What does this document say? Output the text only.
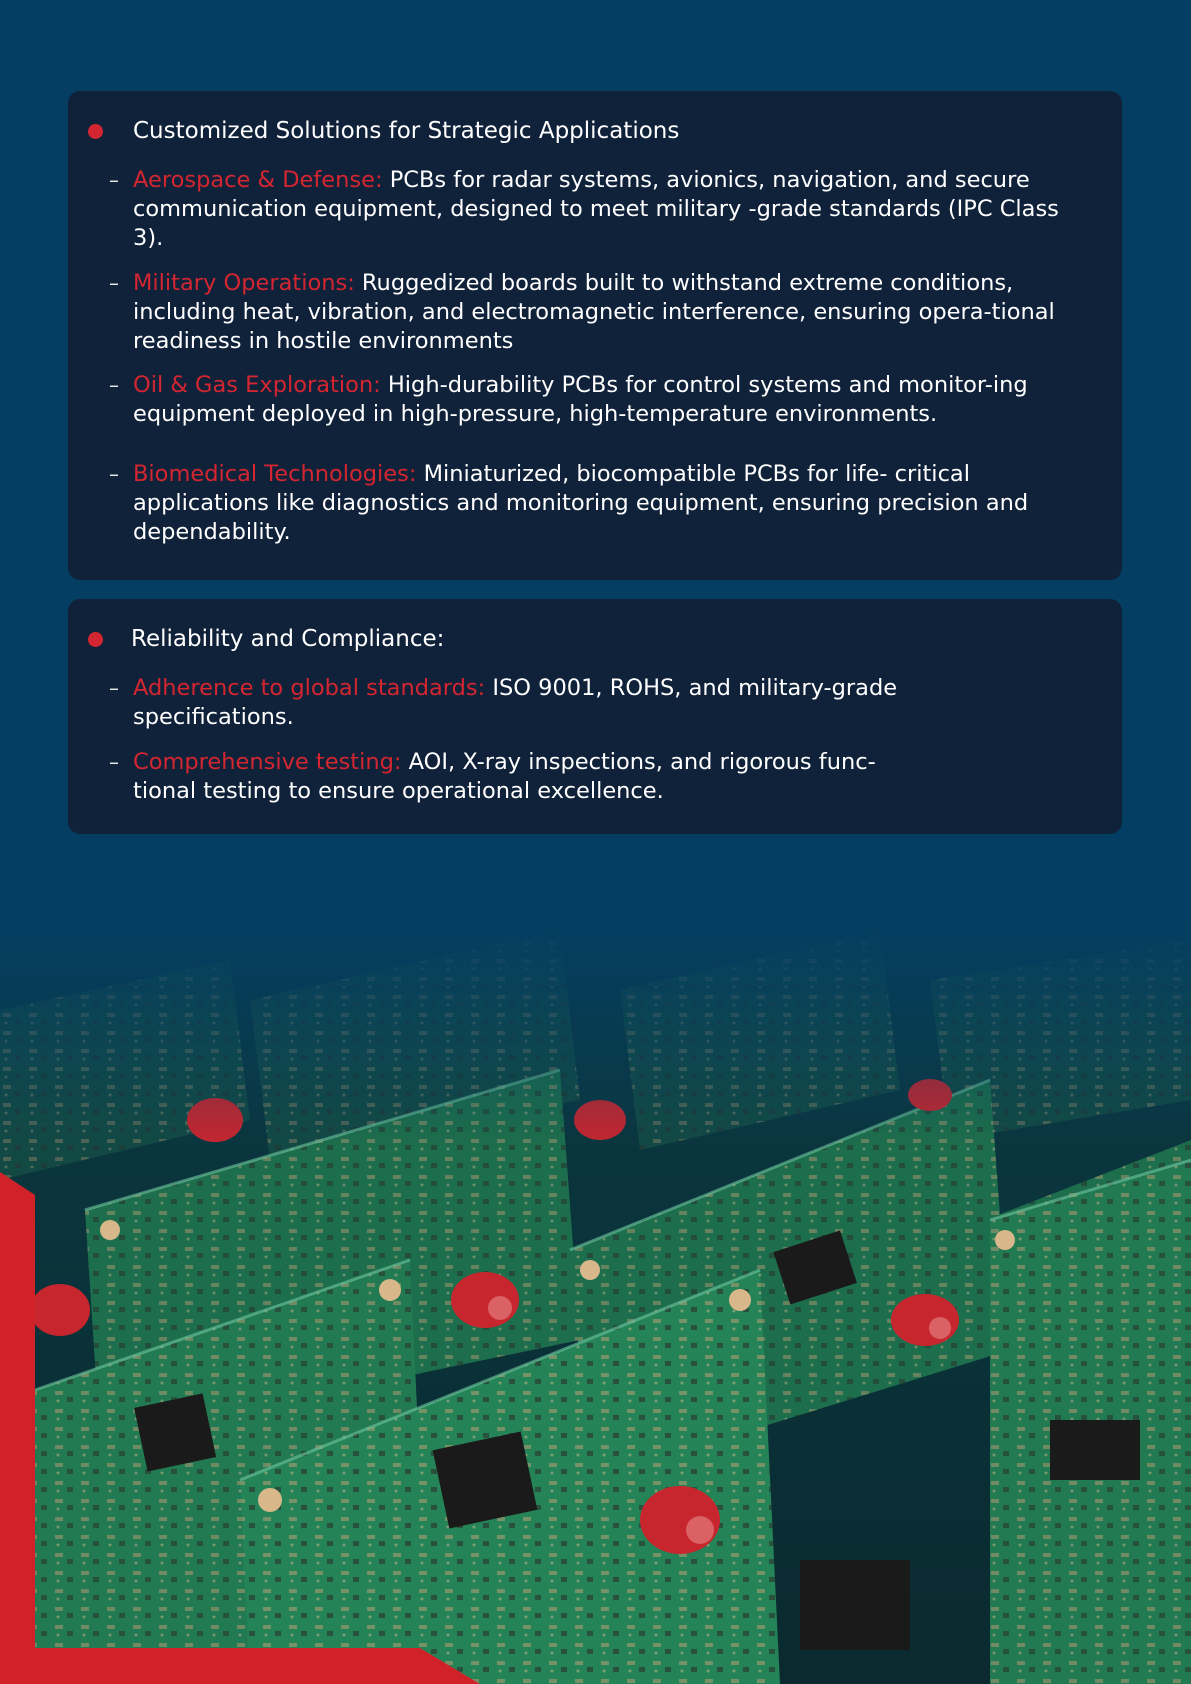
Customized Solutions for Strategic Applications
– Aerospace & Defense: PCBs for radar systems, avionics, navigation, and secure communication equipment, designed to meet military -grade standards (IPC Class 3).
– Military Operations: Ruggedized boards built to withstand extreme conditions, including heat, vibration, and electromagnetic interference, ensuring opera-tional readiness in hostile environments
– Oil & Gas Exploration: High-durability PCBs for control systems and monitor-ing equipment deployed in high-pressure, high-temperature environments.
– Biomedical Technologies: Miniaturized, biocompatible PCBs for life- critical applications like diagnostics and monitoring equipment, ensuring precision and dependability.
Reliability and Compliance:
– Adherence to global standards: ISO 9001, ROHS, and military-grade specifications.
– Comprehensive testing: AOI, X-ray inspections, and rigorous func-tional testing to ensure operational excellence.
